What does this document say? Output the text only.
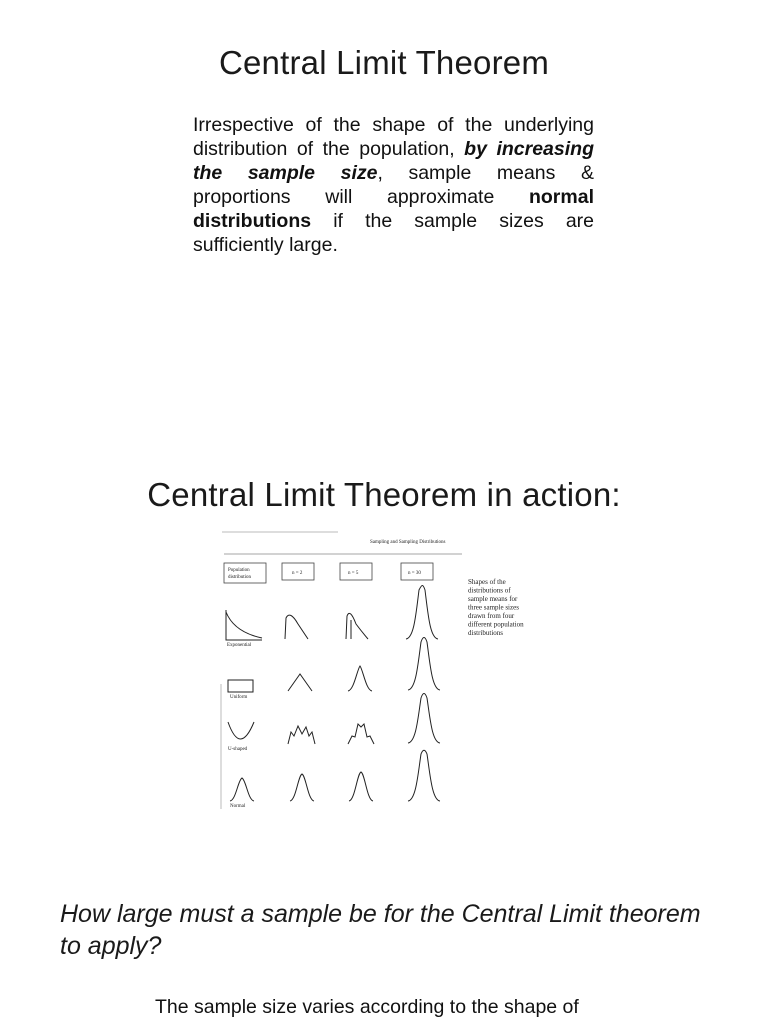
Central Limit Theorem
Irrespective of the shape of the underlying distribution of the population, by increasing the sample size, sample means & proportions will approximate normal distributions if the sample sizes are sufficiently large.
Central Limit Theorem in action:
Sampling and Sampling Distributions
Population
distribution
n = 2	n = 5	n = 30
Exponential
Uniform
U-shaped
Normal
Shapes of the distributions of sample means for three sample sizes drawn from four different population distributions
How large must a sample be for the Central Limit theorem to apply?
The sample size varies according to the shape of
